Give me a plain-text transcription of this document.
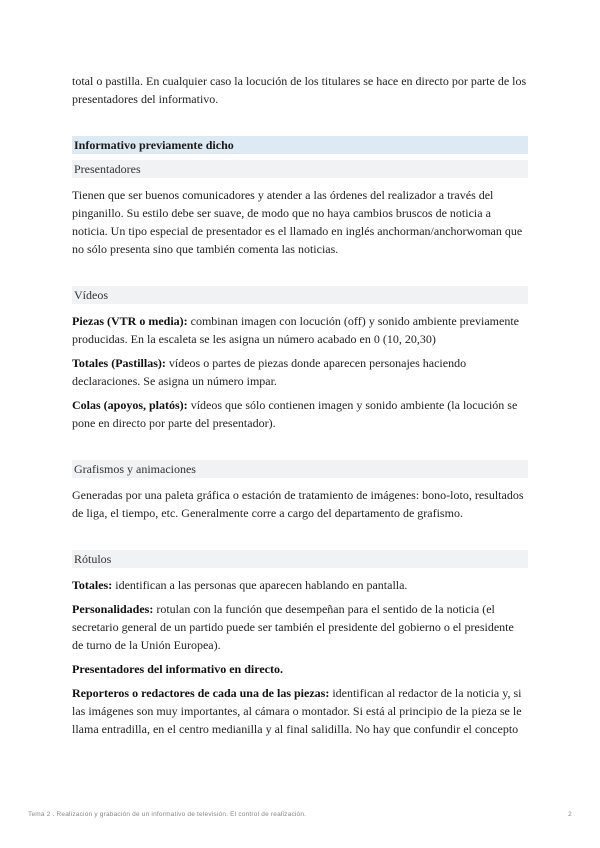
total o pastilla. En cualquier caso la locución de los titulares se hace en directo por parte de los presentadores del informativo.

Informativo previamente dicho
Presentadores

Tienen que ser buenos comunicadores y atender a las órdenes del realizador a través del pinganillo. Su estilo debe ser suave, de modo que no haya cambios bruscos de noticia a noticia. Un tipo especial de presentador es el llamado en inglés anchorman/anchorwoman que no sólo presenta sino que también comenta las noticias.

Vídeos

Piezas (VTR o media): combinan imagen con locución (off) y sonido ambiente previamente producidas. En la escaleta se les asigna un número acabado en 0 (10, 20,30)

Totales (Pastillas): vídeos o partes de piezas donde aparecen personajes haciendo declaraciones. Se asigna un número impar.

Colas (apoyos, platós): vídeos que sólo contienen imagen y sonido ambiente (la locución se pone en directo por parte del presentador).

Grafismos y animaciones

Generadas por una paleta gráfica o estación de tratamiento de imágenes: bono-loto, resultados de liga, el tiempo, etc. Generalmente corre a cargo del departamento de grafismo.

Rótulos

Totales: identifican a las personas que aparecen hablando en pantalla.

Personalidades: rotulan con la función que desempeñan para el sentido de la noticia (el secretario general de un partido puede ser también el presidente del gobierno o el presidente de turno de la Unión Europea).

Presentadores del informativo en directo.

Reporteros o redactores de cada una de las piezas: identifican al redactor de la noticia y, si las imágenes son muy importantes, al cámara o montador. Si está al principio de la pieza se le llama entradilla, en el centro medianilla y al final salidilla. No hay que confundir el concepto

Tema 2 . Realización y grabación de un informativo de televisión. El control de realización.	2
